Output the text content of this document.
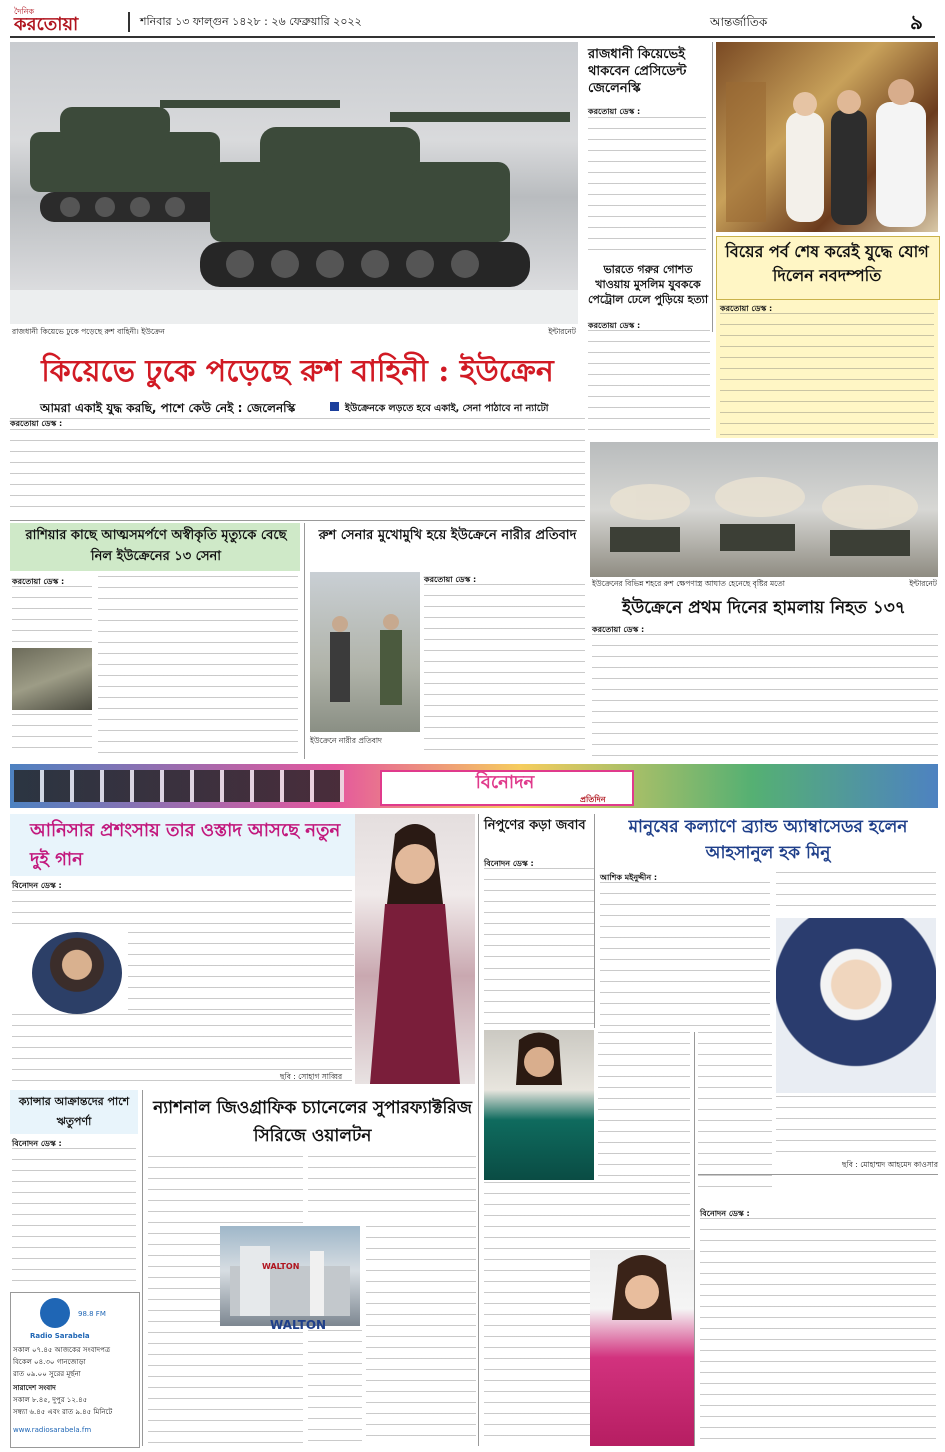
দৈনিক
করতোয়া	শনিবার ১৩ ফাল্গুন ১৪২৮ : ২৬ ফেব্রুয়ারি ২০২২	আন্তর্জাতিক	৯
রাজধানী কিয়েভে ঢুকে পড়েছে রুশ বাহিনী। ইউক্রেন	ইন্টারনেট
কিয়েভে ঢুকে পড়েছে রুশ বাহিনী : ইউক্রেন
আমরা একাই যুদ্ধ করছি, পাশে কেউ নেই : জেলেনস্কি	ইউক্রেনকে লড়তে হবে একাই, সেনা পাঠাবে না ন্যাটো
করতোয়া ডেস্ক :
রাজধানী কিয়েভেই থাকবেন প্রেসিডেন্ট জেলেনস্কি
করতোয়া ডেস্ক :
ভারতে গরুর গোশত খাওয়ায় মুসলিম যুবককে পেট্রোল ঢেলে পুড়িয়ে হত্যা
করতোয়া ডেস্ক :
বিয়ের পর্ব শেষ করেই যুদ্ধে যোগ দিলেন নবদম্পতি
করতোয়া ডেস্ক :
রাশিয়ার কাছে আত্মসমর্পণে অস্বীকৃতি মৃত্যুকে বেছে নিল ইউক্রেনের ১৩ সেনা
করতোয়া ডেস্ক :
রুশ সেনার মুখোমুখি হয়ে ইউক্রেনে নারীর প্রতিবাদ
ইউক্রেনে নারীর প্রতিবাদ
করতোয়া ডেস্ক :	ইউক্রেনের বিভিন্ন শহরে রুশ ক্ষেপণাস্ত্র আঘাত হেনেছে বৃষ্টির মতো	ইন্টারনেট
ইউক্রেনে প্রথম দিনের হামলায় নিহত ১৩৭
করতোয়া ডেস্ক :
বিনোদন
প্রতিদিন
আনিসার প্রশংসায় তার ওস্তাদ আসছে নতুন দুই গান
বিনোদন ডেস্ক :
ছবি : সোহাগ সাব্বির
নিপুণের কড়া জবাব
বিনোদন ডেস্ক :
মানুষের কল্যাণে ব্র্যান্ড অ্যাম্বাসেডর হলেন আহসানুল হক মিনু
আশিক মইনুদ্দীন :
ছবি : মোহাম্মদ আহমেদ কাওসার
বিনোদন ডেস্ক :
ক্যান্সার আক্রান্তদের পাশে ঋতুপর্ণা
বিনোদন ডেস্ক :
Radio Sarabela
98.8 FM
সকাল ০৭.৪৫ আজকের সংবাদপত্র
বিকেল ০৪.৩০ গানজোড়া
রাত ০৯.০০ সুরের মূর্ছনা
সারাদেশ সংবাদ
সকাল ৮.৪৫, দুপুর ১২.৪৫
সন্ধ্যা ৬.৪৫ এবং রাত ৯.৪৫ মিনিটে
www.radiosarabela.fm
ন্যাশনাল জিওগ্রাফিক চ্যানেলের সুপারফ্যাক্টরিজ সিরিজে ওয়ালটন
WALTON
WALTON
